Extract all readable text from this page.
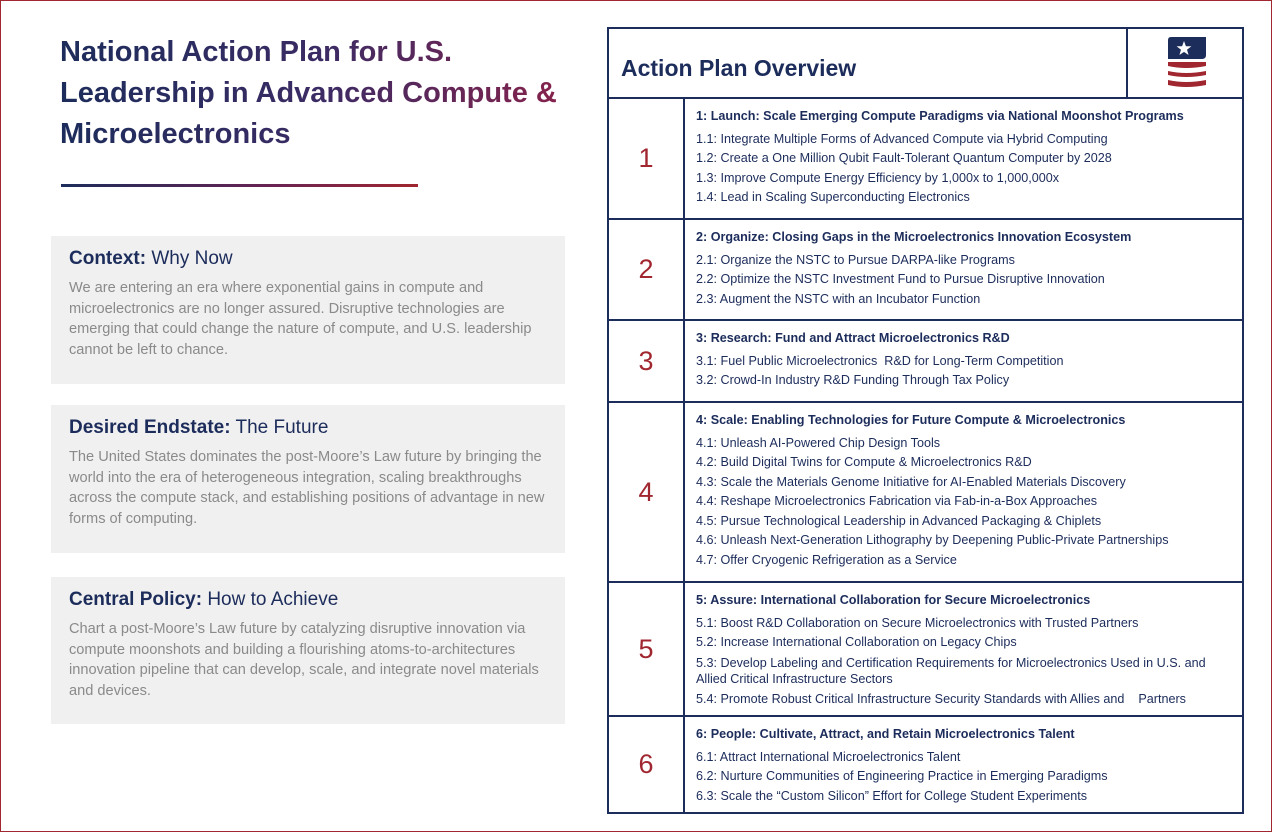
National Action Plan for U.S. Leadership in Advanced Compute & Microelectronics

Context: Why Now

We are entering an era where exponential gains in compute and microelectronics are no longer assured. Disruptive technologies are emerging that could change the nature of compute, and U.S. leadership cannot be left to chance.

Desired Endstate: The Future

The United States dominates the post-Moore’s Law future by bringing the world into the era of heterogeneous integration, scaling breakthroughs across the compute stack, and establishing positions of advantage in new forms of computing.

Central Policy: How to Achieve

Chart a post-Moore’s Law future by catalyzing disruptive innovation via compute moonshots and building a flourishing atoms-to-architectures innovation pipeline that can develop, scale, and integrate novel materials and devices.

Action Plan Overview

1

1: Launch: Scale Emerging Compute Paradigms via National Moonshot Programs

1.1: Integrate Multiple Forms of Advanced Compute via Hybrid Computing

1.2: Create a One Million Qubit Fault-Tolerant Quantum Computer by 2028

1.3: Improve Compute Energy Efficiency by 1,000x to 1,000,000x

1.4: Lead in Scaling Superconducting Electronics

2

2: Organize: Closing Gaps in the Microelectronics Innovation Ecosystem

2.1: Organize the NSTC to Pursue DARPA-like Programs

2.2: Optimize the NSTC Investment Fund to Pursue Disruptive Innovation

2.3: Augment the NSTC with an Incubator Function

3

3: Research: Fund and Attract Microelectronics R&D

3.1: Fuel Public Microelectronics  R&D for Long-Term Competition

3.2: Crowd-In Industry R&D Funding Through Tax Policy

4

4: Scale: Enabling Technologies for Future Compute & Microelectronics

4.1: Unleash AI-Powered Chip Design Tools

4.2: Build Digital Twins for Compute & Microelectronics R&D

4.3: Scale the Materials Genome Initiative for AI-Enabled Materials Discovery

4.4: Reshape Microelectronics Fabrication via Fab-in-a-Box Approaches

4.5: Pursue Technological Leadership in Advanced Packaging & Chiplets

4.6: Unleash Next-Generation Lithography by Deepening Public-Private Partnerships

4.7: Offer Cryogenic Refrigeration as a Service

5

5: Assure: International Collaboration for Secure Microelectronics

5.1: Boost R&D Collaboration on Secure Microelectronics with Trusted Partners

5.2: Increase International Collaboration on Legacy Chips

5.3: Develop Labeling and Certification Requirements for Microelectronics Used in U.S. and Allied Critical Infrastructure Sectors

5.4: Promote Robust Critical Infrastructure Security Standards with Allies and    Partners

6

6: People: Cultivate, Attract, and Retain Microelectronics Talent

6.1: Attract International Microelectronics Talent

6.2: Nurture Communities of Engineering Practice in Emerging Paradigms

6.3: Scale the “Custom Silicon” Effort for College Student Experiments
